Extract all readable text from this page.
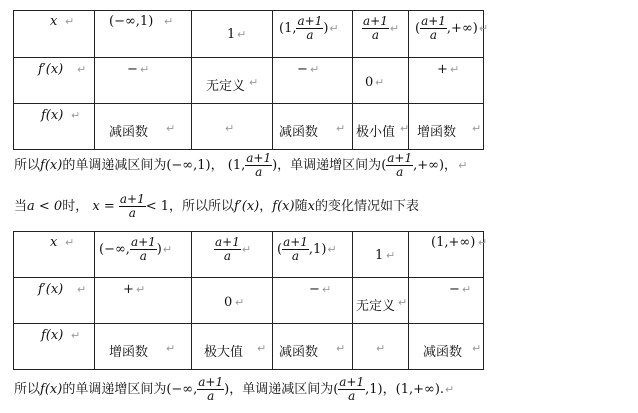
x ↵	(−∞,1) ↵	1 ↵	(1, $\frac{a+1}{a}$ )↵	$\frac{a+1}{a}$ ↵	( $\frac{a+1}{a}$ ,+∞)↵

f′(x) ↵	− ↵	无定义 ↵	− ↵	0 ↵	+ ↵

f(x) ↵	减函数 ↵	↵	减函数 ↵	极小值 ↵	增函数 ↵
所以f(x)的单调递减区间为(−∞,1)， (1, $\frac{a+1}{a}$ )，单调递增区间为( $\frac{a+1}{a}$ ,+∞)，↵
当a < 0时， $x = \frac{a+1}{a} < 1$，所以所以f′(x)，f(x)随x的变化情况如下表
x ↵	(−∞, $\frac{a+1}{a}$ )↵	$\frac{a+1}{a}$ ↵	( $\frac{a+1}{a}$ ,1)↵	1 ↵	(1,+∞) ↵

f′(x) ↵	+ ↵	0 ↵	− ↵	无定义 ↵	− ↵

f(x) ↵	增函数 ↵	极大值 ↵	减函数 ↵	↵	减函数 ↵
所以f(x)的单调递增区间为(−∞, $\frac{a+1}{a}$ )，单调递减区间为( $\frac{a+1}{a} ,1$)，(1,+∞).↵
